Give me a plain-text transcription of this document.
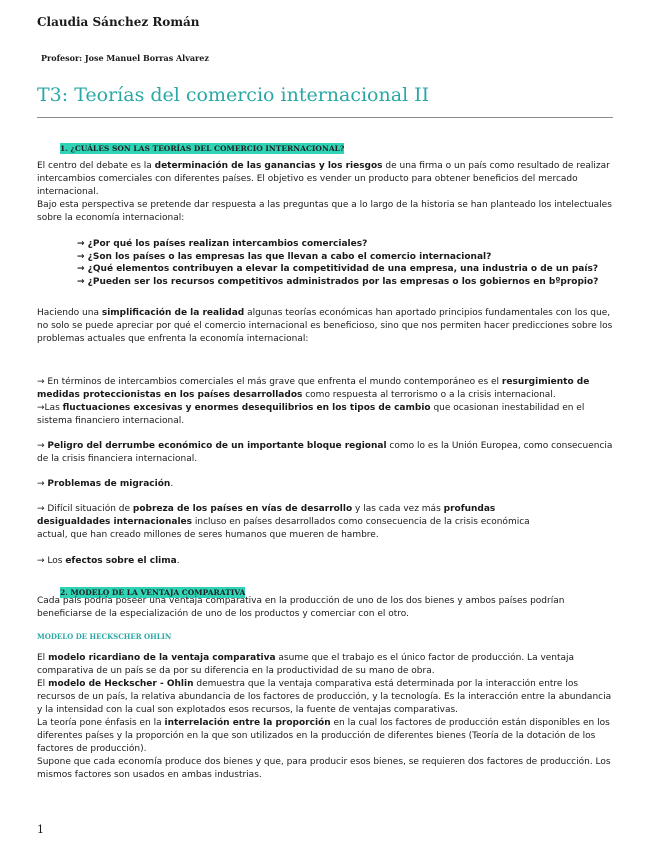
Claudia Sánchez Román
Profesor: Jose Manuel Borras Alvarez
T3: Teorías del comercio internacional II
1. ¿CUÁLES SON LAS TEORÍAS DEL COMERCIO INTERNACIONAL?

El centro del debate es la determinación de las ganancias y los riesgos de una firma o un país como resultado de realizar intercambios comerciales con diferentes países. El objetivo es vender un producto para obtener beneficios del mercado internacional.

Bajo esta perspectiva se pretende dar respuesta a las preguntas que a lo largo de la historia se han planteado los intelectuales sobre la economía internacional:

→ ¿Por qué los países realizan intercambios comerciales?
→ ¿Son los países o las empresas las que llevan a cabo el comercio internacional?
→ ¿Qué elementos contribuyen a elevar la competitividad de una empresa, una industria o de un país?
→ ¿Pueden ser los recursos competitivos administrados por las empresas o los gobiernos en bºpropio?
Haciendo una simplificación de la realidad algunas teorías económicas han aportado principios fundamentales con los que, no solo se puede apreciar por qué el comercio internacional es beneficioso, sino que nos permiten hacer predicciones sobre los problemas actuales que enfrenta la economía internacional:

→ En términos de intercambios comerciales el más grave que enfrenta el mundo contemporáneo es el resurgimiento de medidas proteccionistas en los países desarrollados como respuesta al terrorismo o a la crisis internacional.

→Las fluctuaciones excesivas y enormes desequilibrios en los tipos de cambio que ocasionan inestabilidad en el sistema financiero internacional.

→ Peligro del derrumbe económico de un importante bloque regional como lo es la Unión Europea, como consecuencia de la crisis financiera internacional.
→ Problemas de migración.
→ Difícil situación de pobreza de los países en vías de desarrollo y las cada vez más profundas desigualdades internacionales incluso en países desarrollados como consecuencia de la crisis económica actual, que han creado millones de seres humanos que mueren de hambre.
→ Los efectos sobre el clima.
2. MODELO DE LA VENTAJA COMPARATIVA
Cada país podría poseer una ventaja comparativa en la producción de uno de los dos bienes y ambos países podrían beneficiarse de la especialización de uno de los productos y comerciar con el otro.
MODELO DE HECKSCHER OHLIN

El modelo ricardiano de la ventaja comparativa asume que el trabajo es el único factor de producción. La ventaja comparativa de un país se da por su diferencia en la productividad de su mano de obra.

El modelo de Heckscher - Ohlin demuestra que la ventaja comparativa está determinada por la interacción entre los recursos de un país, la relativa abundancia de los factores de producción, y la tecnología. Es la interacción entre la abundancia y la intensidad con la cual son explotados esos recursos, la fuente de ventajas comparativas.

La teoría pone énfasis en la interrelación entre la proporción en la cual los factores de producción están disponibles en los diferentes países y la proporción en la que son utilizados en la producción de diferentes bienes (Teoría de la dotación de los factores de producción).

Supone que cada economía produce dos bienes y que, para producir esos bienes, se requieren dos factores de producción. Los mismos factores son usados en ambas industrias.

1
